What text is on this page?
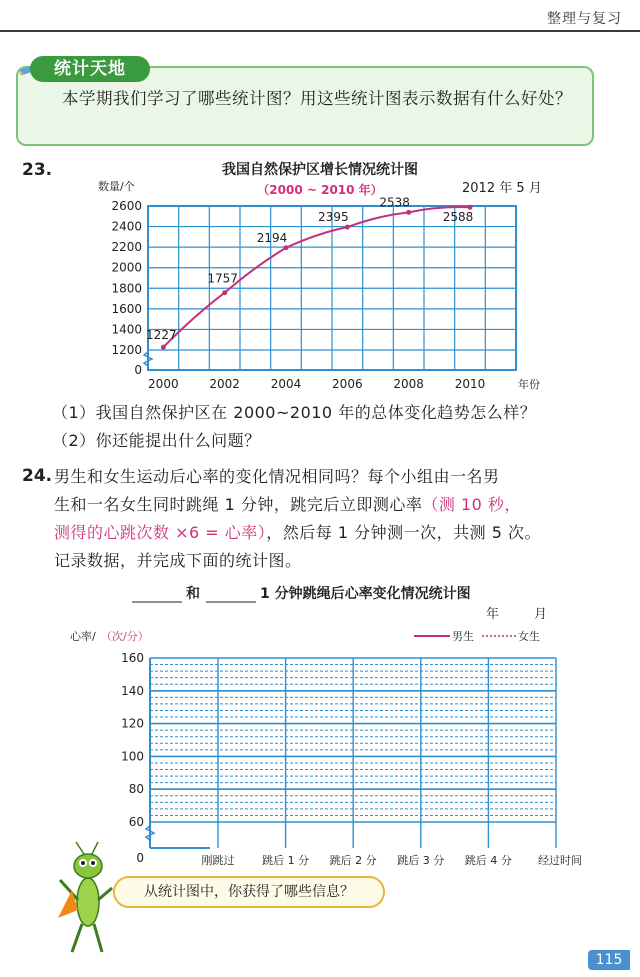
整理与复习
统计天地
本学期我们学习了哪些统计图？用这些统计图表示数据有什么好处？
23.	我国自然保护区增长情况统计图
（2000 ~ 2010 年）	2012 年 5 月
数量/个
年份
0
1200
1400
1600
1800
2000
2200
2400
2600
2000	2002	2004	2006	2008	2010
1227
1757
2194
2395
2538
2588
（1）我国自然保护区在 2000~2010 年的总体变化趋势怎么样？
（2）你还能提出什么问题？
24. 男生和女生运动后心率的变化情况相同吗？每个小组由一名男
生和一名女生同时跳绳 1 分钟，跳完后立即测心率（测 10 秒，
测得的心跳次数 ×6 = 心率），然后每 1 分钟测一次，共测 5 次。
记录数据，并完成下面的统计图。
和	1 分钟跳绳后心率变化情况统计图
年	月
心率/ （次/分）	男生	女生
0
60
80
100
120
140
160
刚跳过	跳后 1 分 跳后 2 分 跳后 3 分 跳后 4 分 经过时间
从统计图中，你获得了哪些信息？
115
